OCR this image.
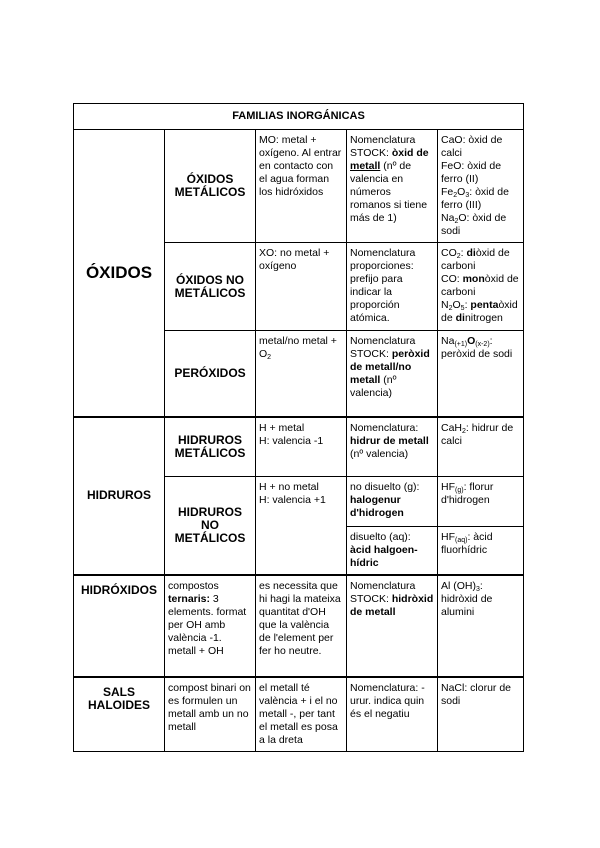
FAMILIAS INORGÁNICAS				
ÓXIDOS	ÓXIDOS METÁLICOS	MO: metal + oxígeno. Al entrar en contacto con el agua forman los hidróxidos	Nomenclatura STOCK: òxid de metall (nº de valencia en números romanos si tiene más de 1)	CaO: òxid de calci
FeO: òxid de ferro (II)
$Fe_2O_3$: òxid de ferro (III)
$Na_2O$: òxid de sodi

	ÓXIDOS NO METÁLICOS	XO: no metal + oxígeno	Nomenclatura proporciones: prefijo para indicar la proporción atómica.	$CO_2$: diòxid de carboni
CO: monòxid de carboni
$N_2O_5$: pentaòxid de dinitrogen

	PERÓXIDOS	metal/no metal + $O_2$	Nomenclatura STOCK: peròxid de metall/no metall (nº valencia)	$Na_{(+1)}O_{(x-2)}$: peròxid de sodi
HIDRUROS	HIDRUROS METÁLICOS	H + metal
H: valencia -1	Nomenclatura: hidrur de metall (nº valencia)	CaH$_2$: hidrur de calci
	HIDRUROS NO METÁLICOS	H + no metal
H: valencia +1	no disuelto (g): halogenur d'hidrogen	$HF_{(g)}$: florur d'hidrogen
			disuelto (aq): àcid halgoen-hídric	$HF_{(aq)}$: àcid fluorhídric
HIDRÓXIDOS	compostos ternaris: 3 elements. format per OH amb valència -1. metall + OH	es necessita que hi hagi la mateixa quantitat d'OH que la valència de l'element per fer ho neutre.	Nomenclatura STOCK: hidròxid de metall	Al $(OH)_3$: hidròxid de alumini
SALS HALOIDES	compost binari on es formulen un metall amb un no metall	el metall té valència + i el no metall -, per tant el metall es posa a la dreta	Nomenclatura: - urur. indica quin és el negatiu	NaCl: clorur de sodi
